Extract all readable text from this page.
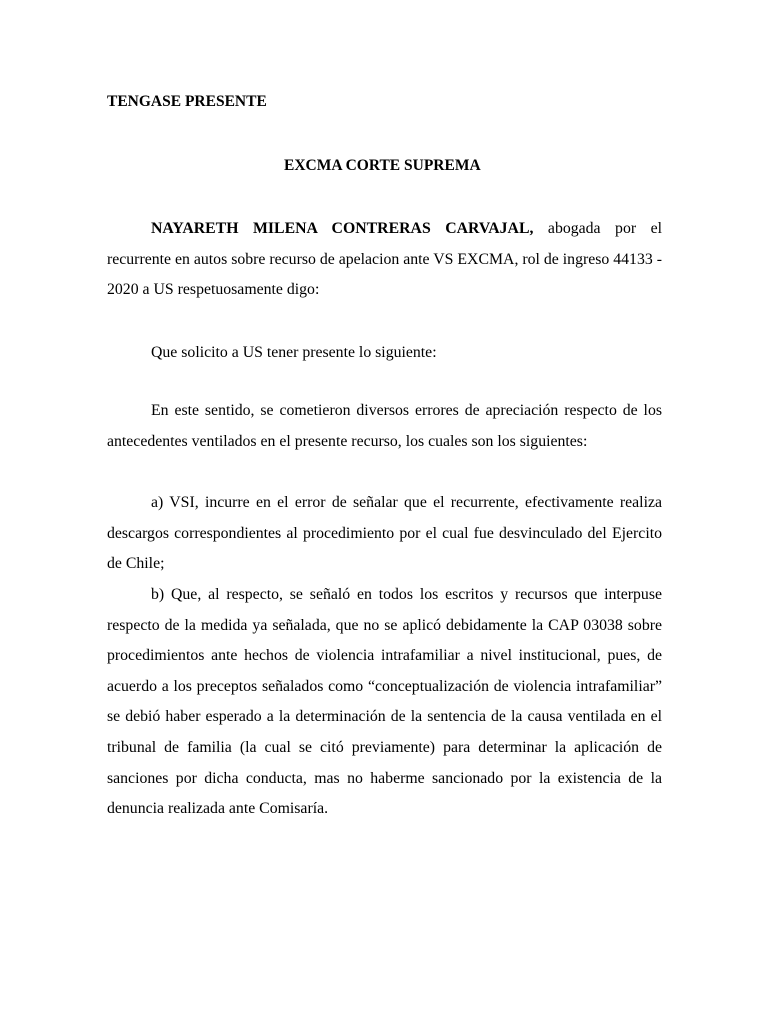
TENGASE PRESENTE
EXCMA CORTE SUPREMA

NAYARETH MILENA CONTRERAS CARVAJAL, abogada por el recurrente en autos sobre recurso de apelacion ante VS EXCMA, rol de ingreso 44133 - 2020 a US respetuosamente digo:

Que solicito a US tener presente lo siguiente:

En este sentido, se cometieron diversos errores de apreciación respecto de los antecedentes ventilados en el presente recurso, los cuales son los siguientes:

a) VSI, incurre en el error de señalar que el recurrente, efectivamente realiza descargos correspondientes al procedimiento por el cual fue desvinculado del Ejercito de Chile;

b) Que, al respecto, se señaló en todos los escritos y recursos que interpuse respecto de la medida ya señalada, que no se aplicó debidamente la CAP 03038 sobre procedimientos ante hechos de violencia intrafamiliar a nivel institucional, pues, de acuerdo a los preceptos señalados como “conceptualización de violencia intrafamiliar” se debió haber esperado a la determinación de la sentencia de la causa ventilada en el tribunal de familia (la cual se citó previamente) para determinar la aplicación de sanciones por dicha conducta, mas no haberme sancionado por la existencia de la denuncia realizada ante Comisaría.
